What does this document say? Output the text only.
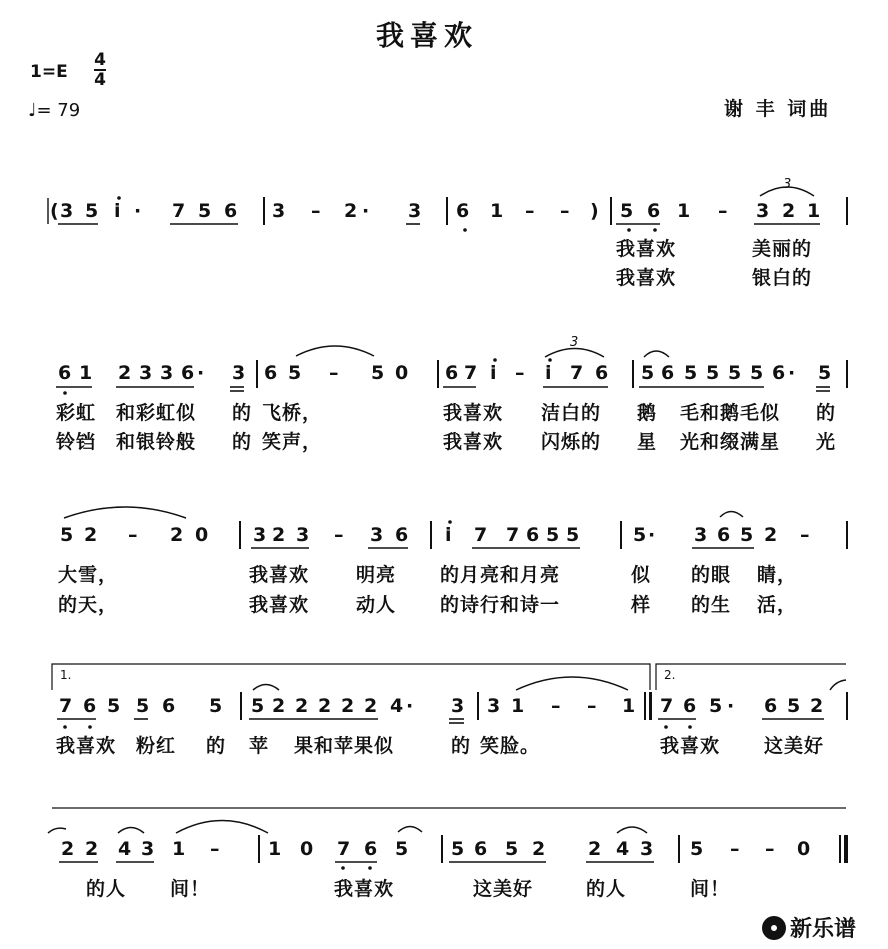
我喜欢
1=E
4
4
♩= 79	谢 丰 词曲
( 3 5 i · 7 5 6 3 – 2 · 3 6 1 – – ) 5 6 1 – 3 2 1
我喜欢	美丽的
我喜欢	银白的
6 1 2 3 3 6 · 3 6 5 – 5 0 6 7 i – i 7 6 5 6 5 5 5 5 6 · 5
彩虹 和彩虹似 的 飞桥，	我喜欢 洁白的 鹅 毛和鹅毛似 的
铃铛 和银铃般 的 笑声，	我喜欢 闪烁的 星 光和缀满星 光
5 2 – 2 0 3 2 3 – 3 6 i 7 7 6 5 5	5 · 3 6 5 2 –
大雪，	我喜欢 明亮 的月亮和月亮	似 的眼 睛，
的天，	我喜欢 动人 的诗行和诗一	样 的生 活，
1.	2.
7 6 5 5 6 5 5 2 2 2 2 2 4 · 3 3 1 – – 1 7 6 5 · 6 5 2
我喜欢 粉红 的 苹 果和苹果似	的 笑脸。	我喜欢 这美好
2 2 4 3 1 –	1 0 7 6 5 5 6 5 2 2 4 3 5 – – 0
的人 间！	我喜欢	这美好	的人	间！
3
3
新乐谱
